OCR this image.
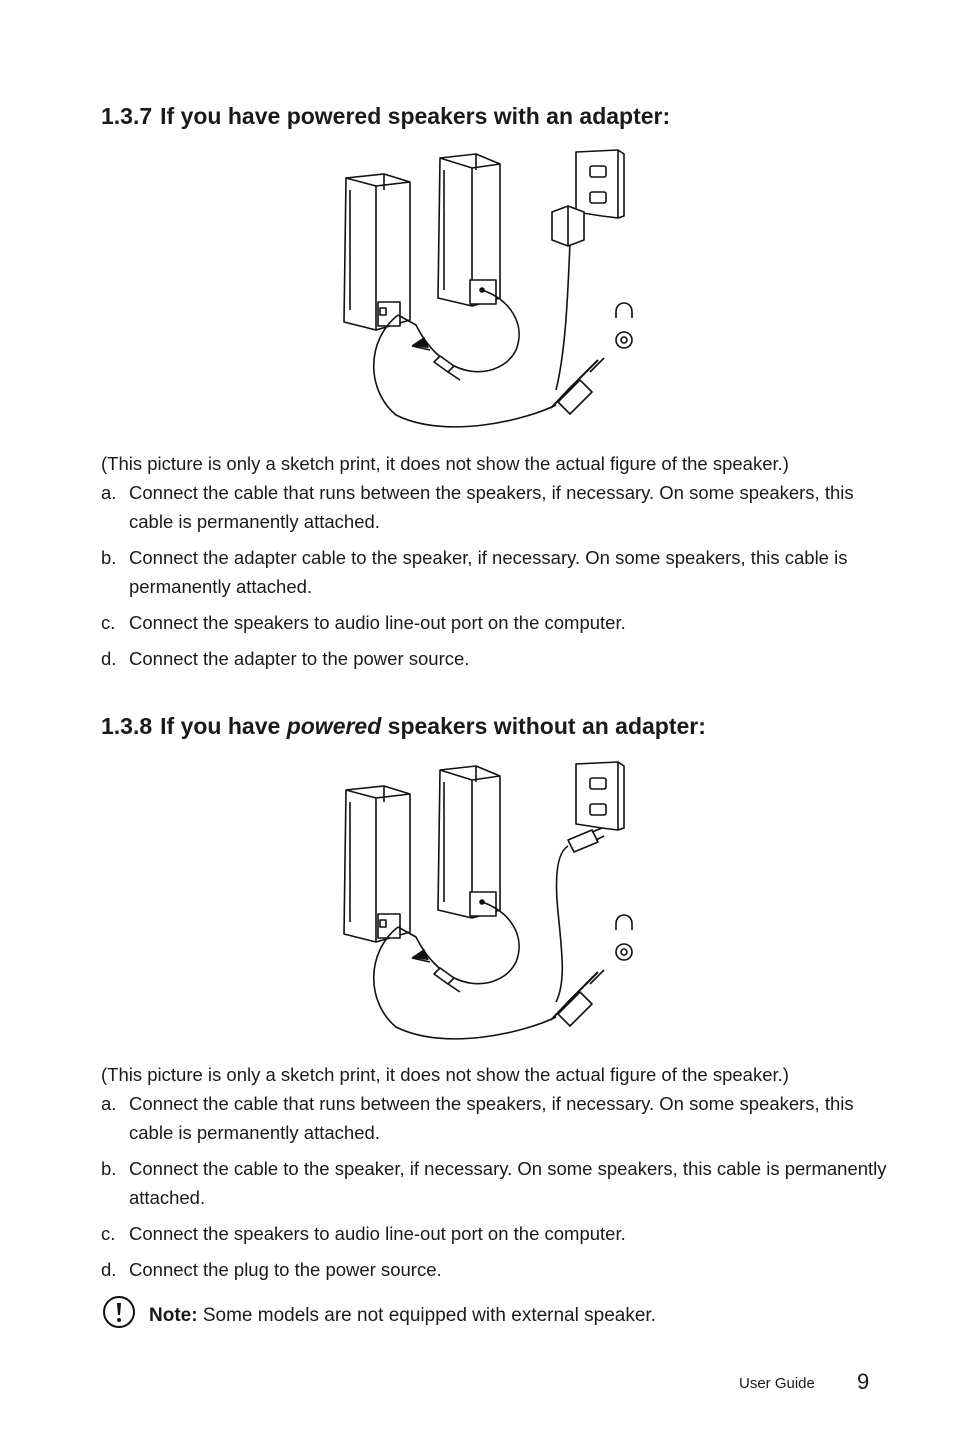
1.3.7 If you have powered speakers with an adapter:
(This picture is only a sketch print, it does not show the actual figure of the speaker.)
a. Connect the cable that runs between the speakers, if necessary. On some speakers, this cable is permanently attached.
b. Connect the adapter cable to the speaker, if necessary. On some speakers, this cable is permanently attached.
c. Connect the speakers to audio line-out port on the computer.
d. Connect the adapter to the power source.
1.3.8 If you have powered speakers without an adapter:
(This picture is only a sketch print, it does not show the actual figure of the speaker.)
a. Connect the cable that runs between the speakers, if necessary. On some speakers, this cable is permanently attached.
b. Connect the cable to the speaker, if necessary. On some speakers, this cable is permanently attached.
c. Connect the speakers to audio line-out port on the computer.
d. Connect the plug to the power source.
Note: Some models are not equipped with external speaker.
User Guide 9
